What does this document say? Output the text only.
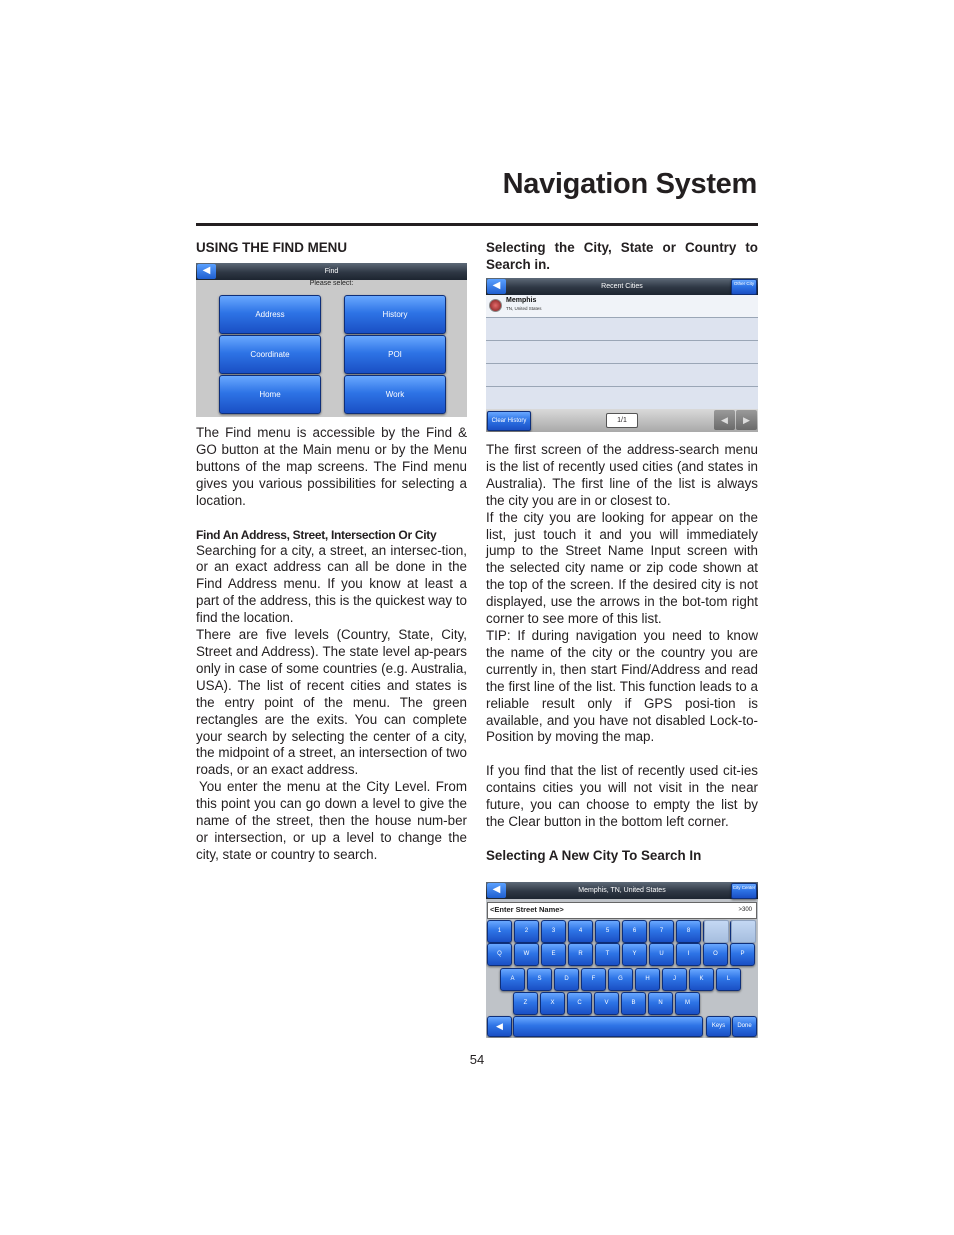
Navigation System
USING THE FIND MENU
Find
◀
Please select:
Address	History
Coordinate	POI
Home	Work

The Find menu is accessible by the Find & GO button at the Main menu or by the Menu buttons of the map screens. The Find menu gives you various possibilities for selecting a location.

Find An Address, Street, Intersection Or City

Searching for a city, a street, an intersec-tion, or an exact address can all be done in the Find Address menu. If you know at least a part of the address, this is the quickest way to find the location.

There are five levels (Country, State, City, Street and Address). The state level ap-pears only in case of some countries (e.g. Australia, USA). The list of recent cities and states is the entry point of the menu. The green rectangles are the exits. You can complete your search by selecting the center of a city, the midpoint of a street, an intersection of two roads, or an exact address.

You enter the menu at the City Level. From this point you can go down a level to give the name of the street, then the house num-ber or intersection, or up a level to change the city, state or country to search.

Selecting the City, State or Country to Search in.
Recent Cities
◀	Other City
Memphis
TN, United States
Clear History	1/1	◀	▶

The first screen of the address-search menu is the list of recently used cities (and states in Australia). The first line of the list is always the city you are in or closest to.

If the city you are looking for appear on the list, just touch it and you will immediately jump to the Street Name Input screen with the selected city name or zip code shown at the top of the screen. If the desired city is not displayed, use the arrows in the bot-tom right corner to see more of this list.

TIP: If during navigation you need to know the name of the city or the country you are currently in, then start Find/Address and read the first line of the list. This function leads to a reliable result only if GPS posi-tion is available, and you have not disabled Lock-to-Position by moving the map.

If you find that the list of recently used cit-ies contains cities you will not visit in the near future, you can choose to empty the list by the Clear button in the bottom left corner.

Selecting A New City To Search In
Memphis, TN, United States
◀	City Center
<Enter Street Name>	>300
1	2	3	4	5	6	7	8
Q	W	E	R	T	Y	U	I	O	P
A	S	D	F	G	H	J	K	L
Z	X	C	V	B	N	M
◀	Keys	Done
54
